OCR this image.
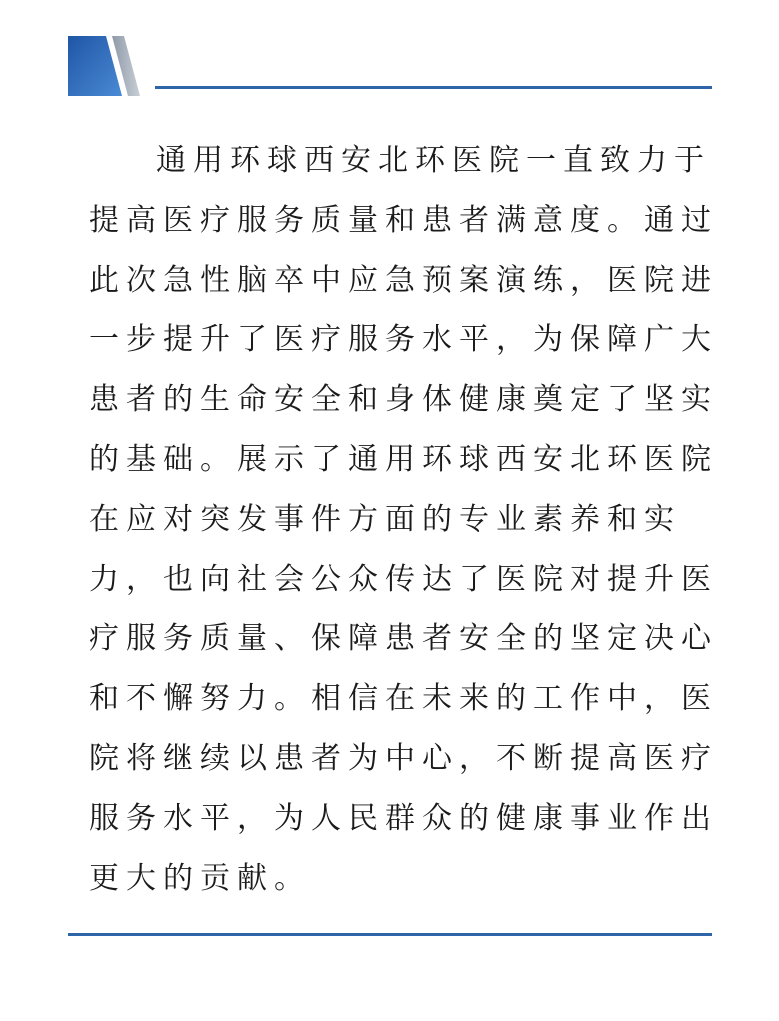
通用环球西安北环医院一直致力于
提高医疗服务质量和患者满意度。通过
此次急性脑卒中应急预案演练，医院进
一步提升了医疗服务水平，为保障广大
患者的生命安全和身体健康奠定了坚实
的基础。展示了通用环球西安北环医院
在应对突发事件方面的专业素养和实
力，也向社会公众传达了医院对提升医
疗服务质量、保障患者安全的坚定决心
和不懈努力。相信在未来的工作中，医
院将继续以患者为中心，不断提高医疗
服务水平，为人民群众的健康事业作出
更大的贡献。
